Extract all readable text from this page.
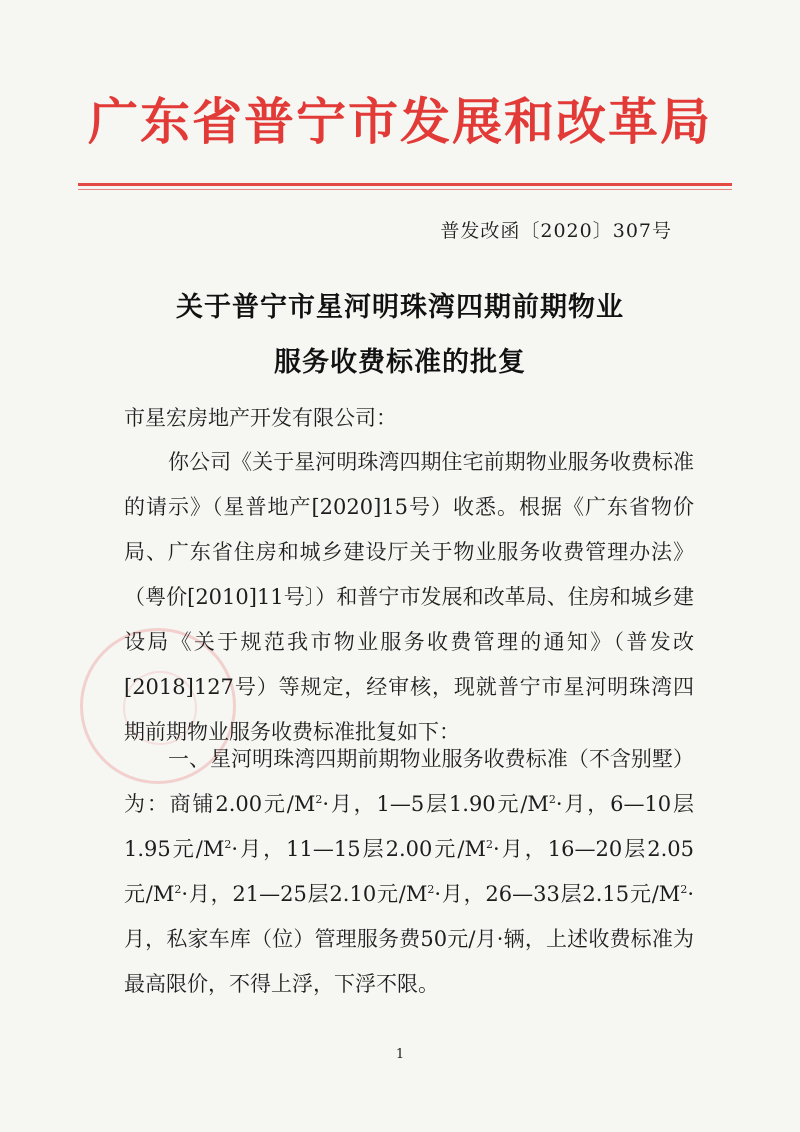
广东省普宁市发展和改革局
普发改函〔2020〕307号
关于普宁市星河明珠湾四期前期物业
服务收费标准的批复
市星宏房地产开发有限公司：
你公司《关于星河明珠湾四期住宅前期物业服务收费标准的请示》（星普地产[2020]15号）收悉。根据《广东省物价局、广东省住房和城乡建设厅关于物业服务收费管理办法》（粤价[2010]11号〕）和普宁市发展和改革局、住房和城乡建设局《关于规范我市物业服务收费管理的通知》（普发改[2018]127号）等规定，经审核，现就普宁市星河明珠湾四期前期物业服务收费标准批复如下：
一、星河明珠湾四期前期物业服务收费标准（不含别墅）为：商铺2.00元$/M^2\cdot$月，1—5层1.90元$/M^2\cdot$月，6—10层1.95元$/M^2\cdot$月，11—15层2.00元$/M^2\cdot$月，16—20层2.05元$/M^2\cdot$月，21—25层2.10元$/M^2\cdot$月，26—33层2.15元$/M^2\cdot$月，私家车库（位）管理服务费50元/月·辆，上述收费标准为最高限价，不得上浮，下浮不限。
1
